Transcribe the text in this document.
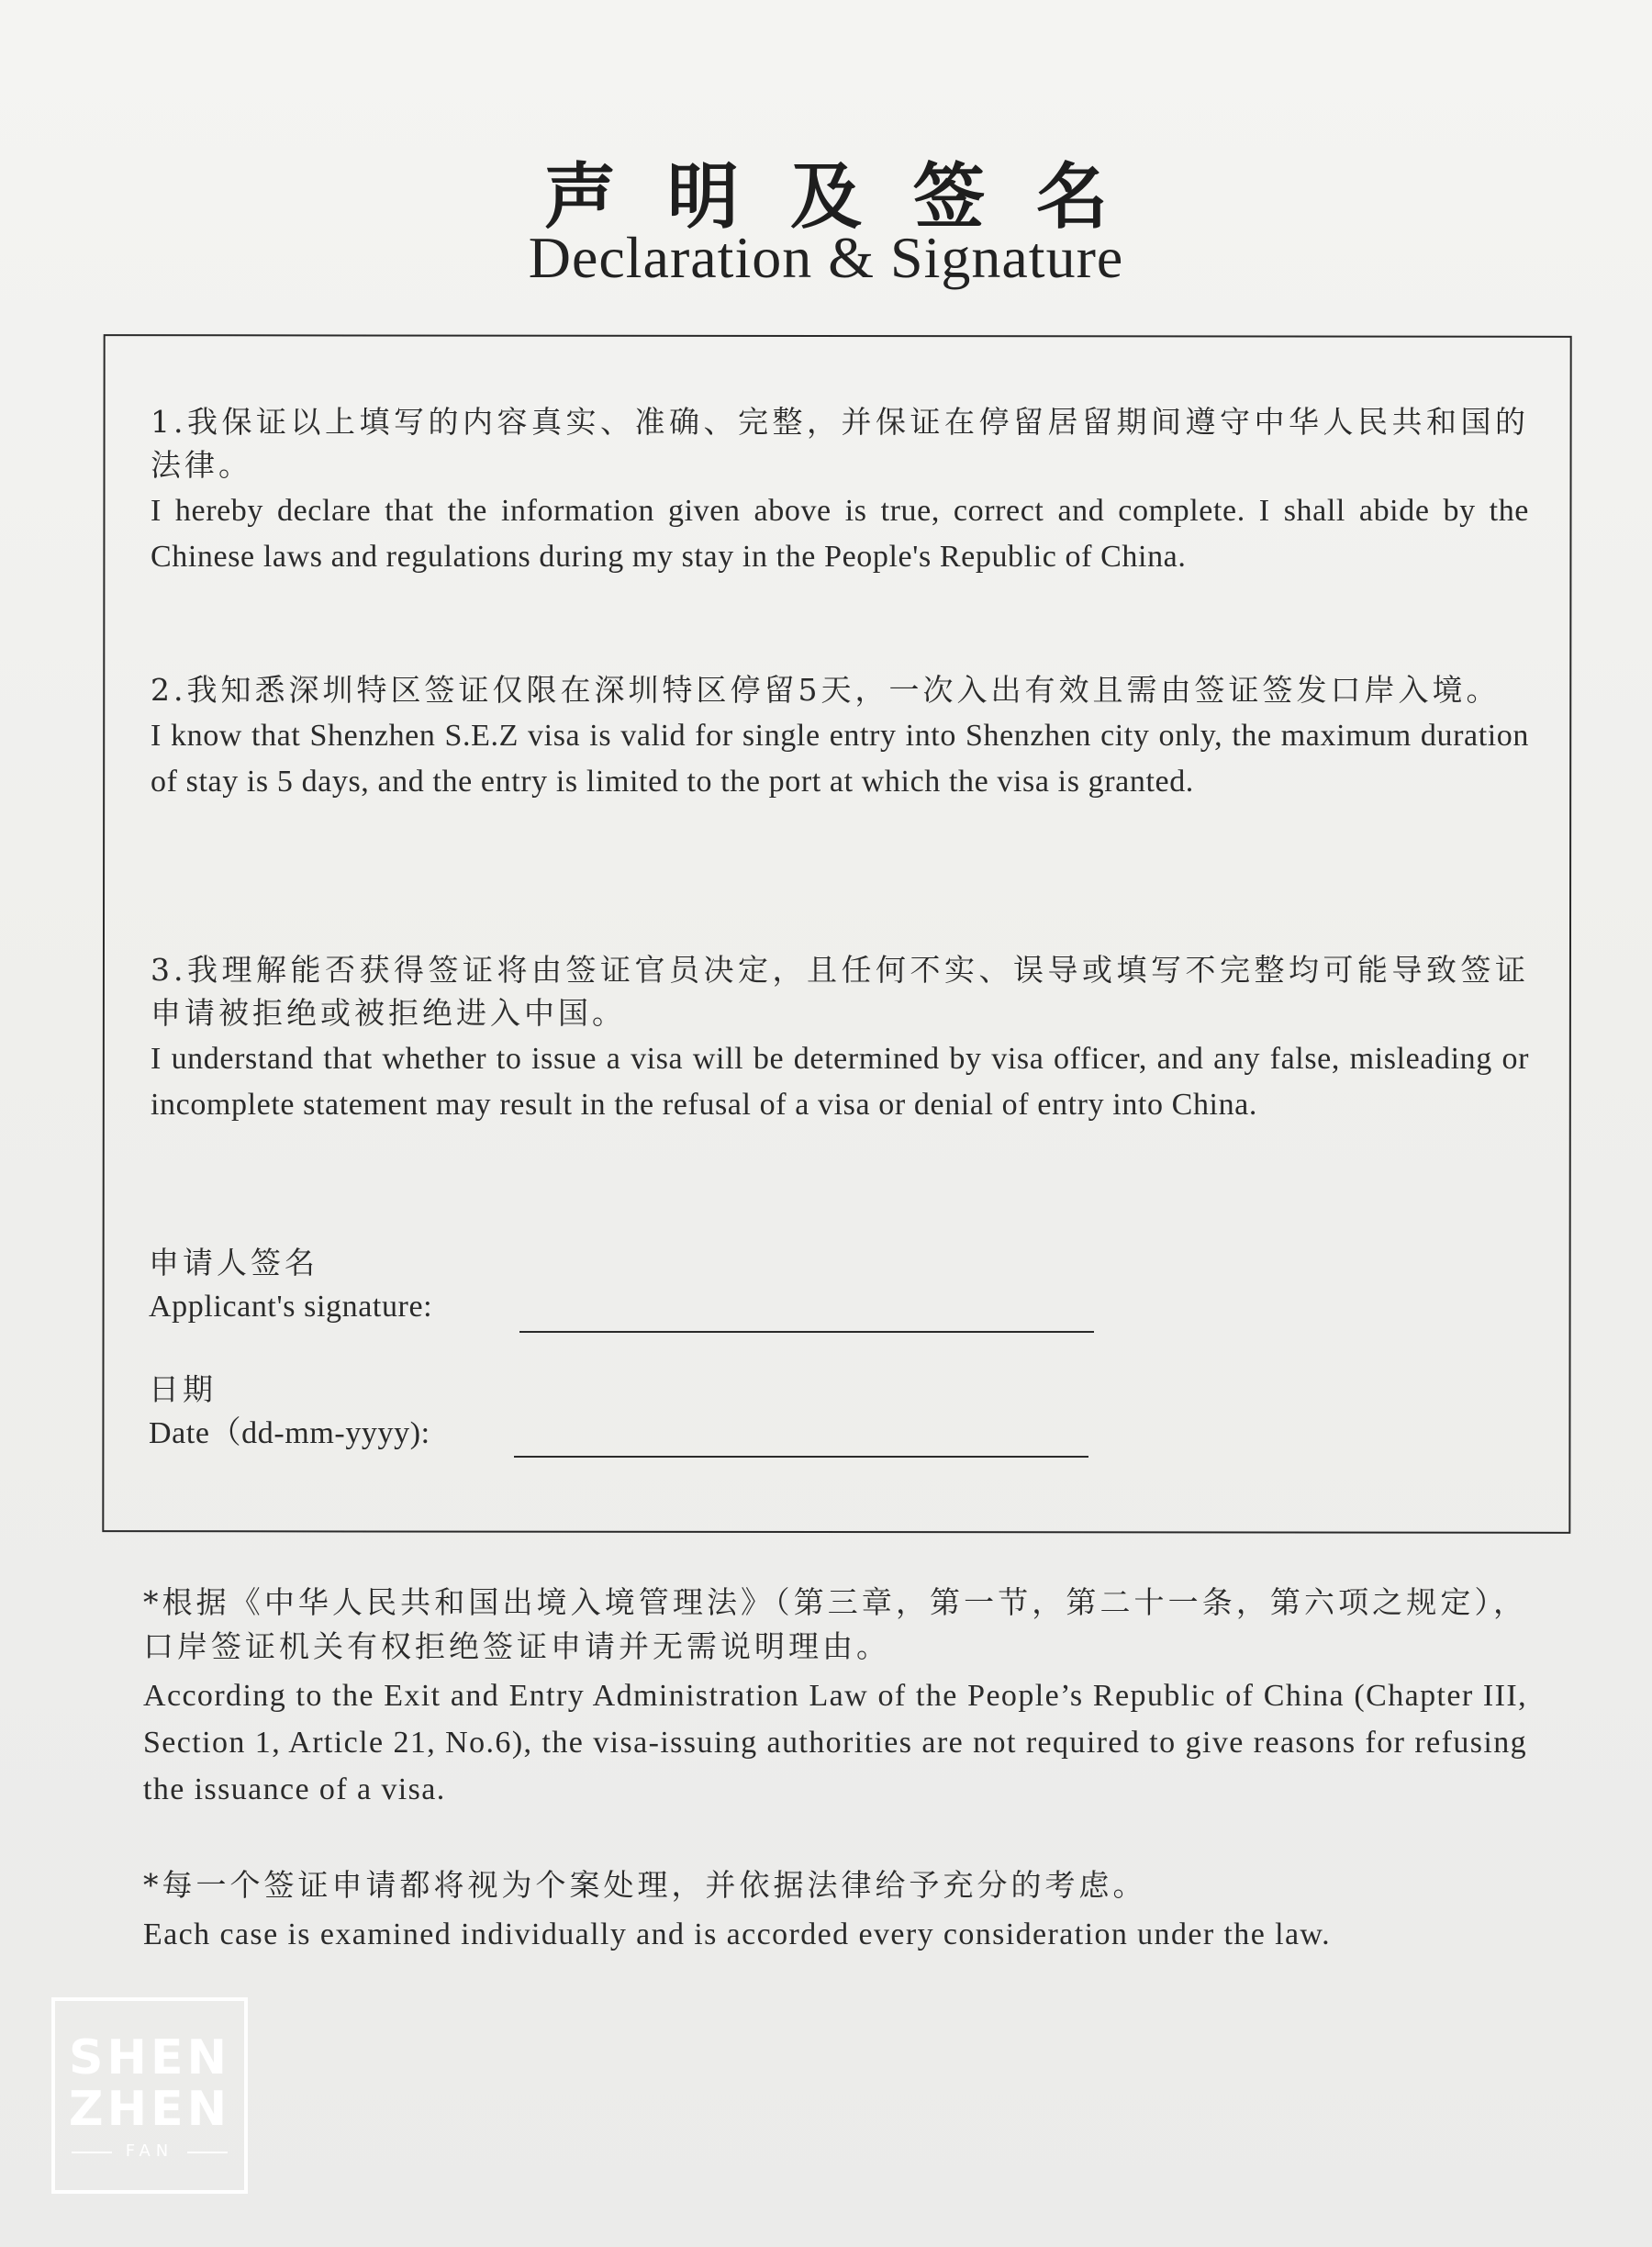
声明及签名
Declaration & Signature
1.我保证以上填写的内容真实、准确、完整，并保证在停留居留期间遵守中华人民共和国的法律。
I hereby declare that the information given above is true, correct and complete. I shall abide by the Chinese laws and regulations during my stay in the People's Republic of China.
2.我知悉深圳特区签证仅限在深圳特区停留5天，一次入出有效且需由签证签发口岸入境。
I know that Shenzhen S.E.Z visa is valid for single entry into Shenzhen city only, the maximum duration of stay is 5 days, and the entry is limited to the port at which the visa is granted.
3.我理解能否获得签证将由签证官员决定，且任何不实、误导或填写不完整均可能导致签证申请被拒绝或被拒绝进入中国。
I understand that whether to issue a visa will be determined by visa officer, and any false, misleading or incomplete statement may result in the refusal of a visa or denial of entry into China.
申请人签名
Applicant's signature:
日期
Date（dd-mm-yyyy):
*根据《中华人民共和国出境入境管理法》（第三章，第一节，第二十一条，第六项之规定），口岸签证机关有权拒绝签证申请并无需说明理由。
According to the Exit and Entry Administration Law of the People’s Republic of China (Chapter III, Section 1, Article 21, No.6), the visa-issuing authorities are not required to give reasons for refusing the issuance of a visa.
*每一个签证申请都将视为个案处理，并依据法律给予充分的考虑。
Each case is examined individually and is accorded every consideration under the law.
SHEN
ZHEN
FAN
